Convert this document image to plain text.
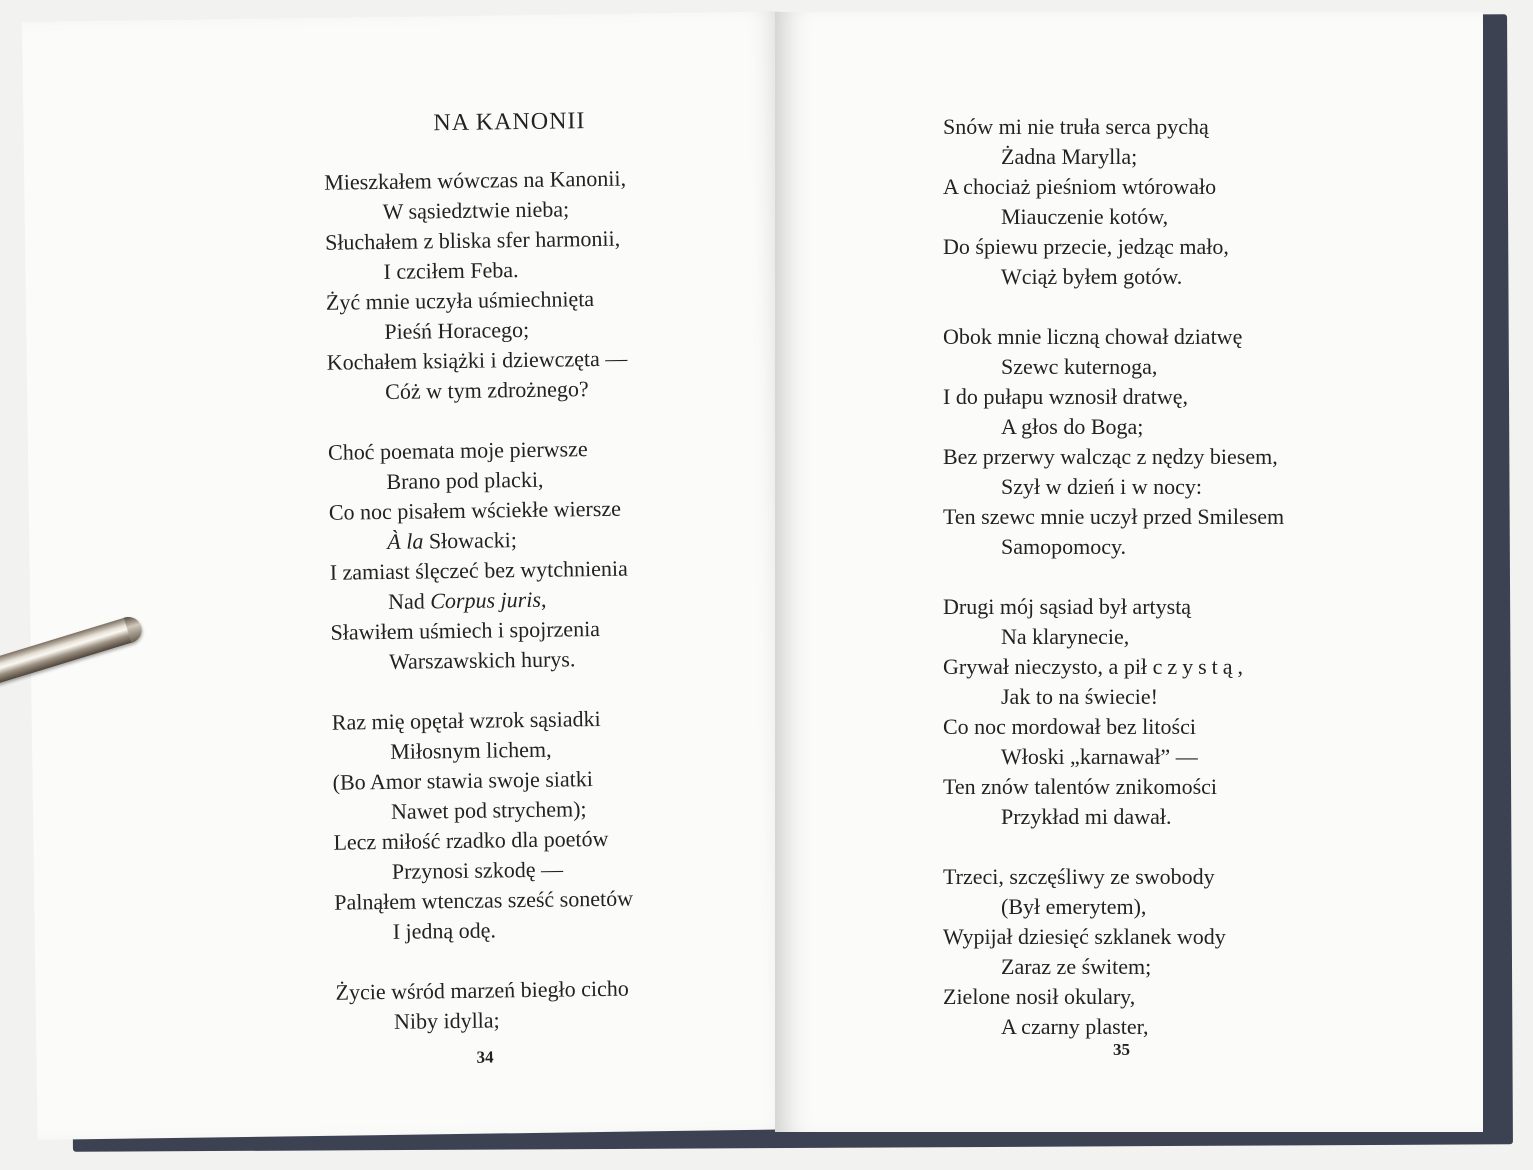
NA KANONII
Mieszkałem wówczas na Kanonii,
W sąsiedztwie nieba;
Słuchałem z bliska sfer harmonii,
I czciłem Feba.
Żyć mnie uczyła uśmiechnięta
Pieśń Horacego;
Kochałem książki i dziewczęta —
Cóż w tym zdrożnego?
Choć poemata moje pierwsze
Brano pod placki,
Co noc pisałem wściekłe wiersze
À la Słowacki;
I zamiast ślęczeć bez wytchnienia
Nad Corpus juris,
Sławiłem uśmiech i spojrzenia
Warszawskich hurys.
Raz mię opętał wzrok sąsiadki
Miłosnym lichem,
(Bo Amor stawia swoje siatki
Nawet pod strychem);
Lecz miłość rzadko dla poetów
Przynosi szkodę —
Palnąłem wtenczas sześć sonetów
I jedną odę.
Życie wśród marzeń biegło cicho
Niby idylla;
34
Snów mi nie truła serca pychą
Żadna Marylla;
A chociaż pieśniom wtórowało
Miauczenie kotów,
Do śpiewu przecie, jedząc mało,
Wciąż byłem gotów.
Obok mnie liczną chował dziatwę
Szewc kuternoga,
I do pułapu wznosił dratwę,
A głos do Boga;
Bez przerwy walcząc z nędzy biesem,
Szył w dzień i w nocy:
Ten szewc mnie uczył przed Smilesem
Samopomocy.
Drugi mój sąsiad był artystą
Na klarynecie,
Grywał nieczysto, a pił czystą,
Jak to na świecie!
Co noc mordował bez litości
Włoski „karnawał” —
Ten znów talentów znikomości
Przykład mi dawał.
Trzeci, szczęśliwy ze swobody
(Był emerytem),
Wypijał dziesięć szklanek wody
Zaraz ze świtem;
Zielone nosił okulary,
A czarny plaster,
35
